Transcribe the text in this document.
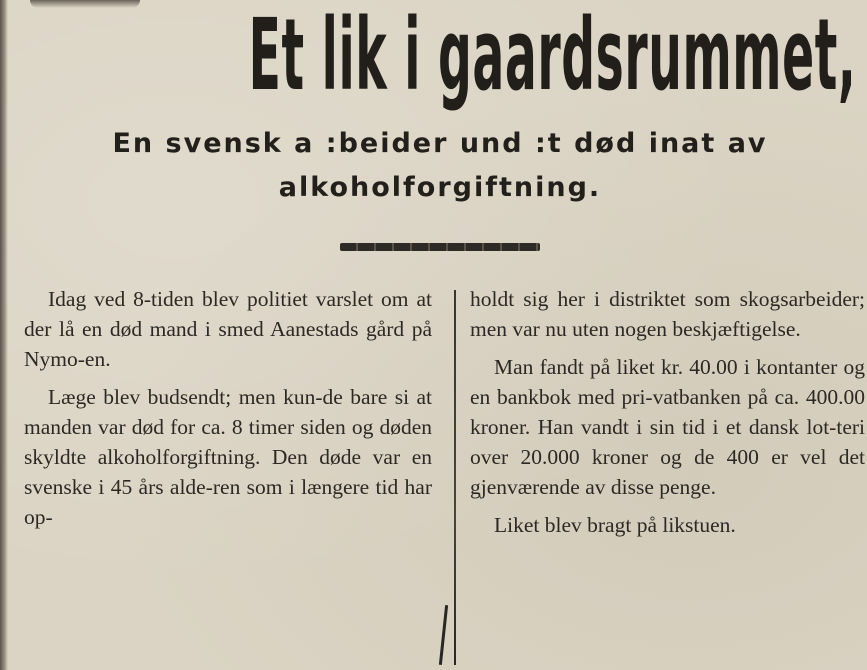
Et lik i gaardsrummet,
En svensk a :beider und :t død inat av alkoholforgiftning.

Idag ved 8-tiden blev politiet varslet om at der lå en død mand i smed Aanestads gård på Nymo-en.

Læge blev budsendt; men kun-de bare si at manden var død for ca. 8 timer siden og døden skyldte alkoholforgiftning. Den døde var en svenske i 45 års alde-ren som i længere tid har op-

holdt sig her i distriktet som skogsarbeider; men var nu uten nogen beskjæftigelse.

Man fandt på liket kr. 40.00 i kontanter og en bankbok med pri-vatbanken på ca. 400.00 kroner. Han vandt i sin tid i et dansk lot-teri over 20.000 kroner og de 400 er vel det gjenværende av disse penge.

Liket blev bragt på likstuen.
